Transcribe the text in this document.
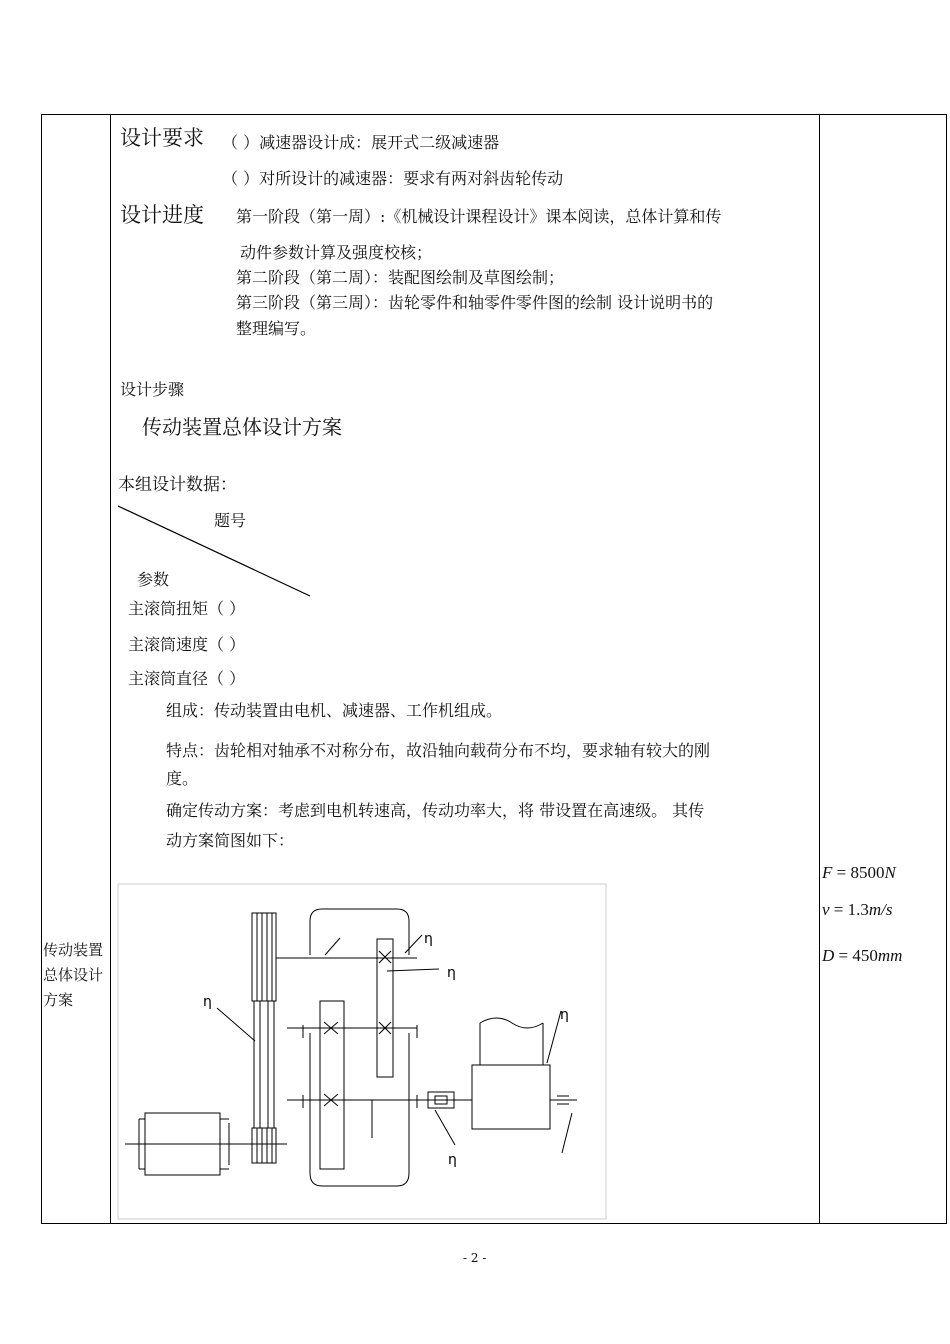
传动装置
总体设计
方案
设计要求 （ ）减速器设计成：展开式二级减速器
（ ）对所设计的减速器：要求有两对斜齿轮传动
设计进度 第一阶段（第一周）:《机械设计课程设计》课本阅读，总体计算和传
动件参数计算及强度校核；
第二阶段（第二周）：装配图绘制及草图绘制；
第三阶段（第三周）：齿轮零件和轴零件零件图的绘制 设计说明书的
整理编写。
设计步骤
传动装置总体设计方案
本组设计数据：
题号
参数
主滚筒扭矩（ ）
主滚筒速度（ ）
主滚筒直径（ ）
组成：传动装置由电机、减速器、工作机组成。
特点：齿轮相对轴承不对称分布，故沿轴向载荷分布不均，要求轴有较大的刚
度。
确定传动方案：考虑到电机转速高，传动功率大，将 带设置在高速级。 其传
动方案简图如下：
F = 8500N
v = 1.3m/s
D = 450mm
η
η
η
η
η
- 2 -
